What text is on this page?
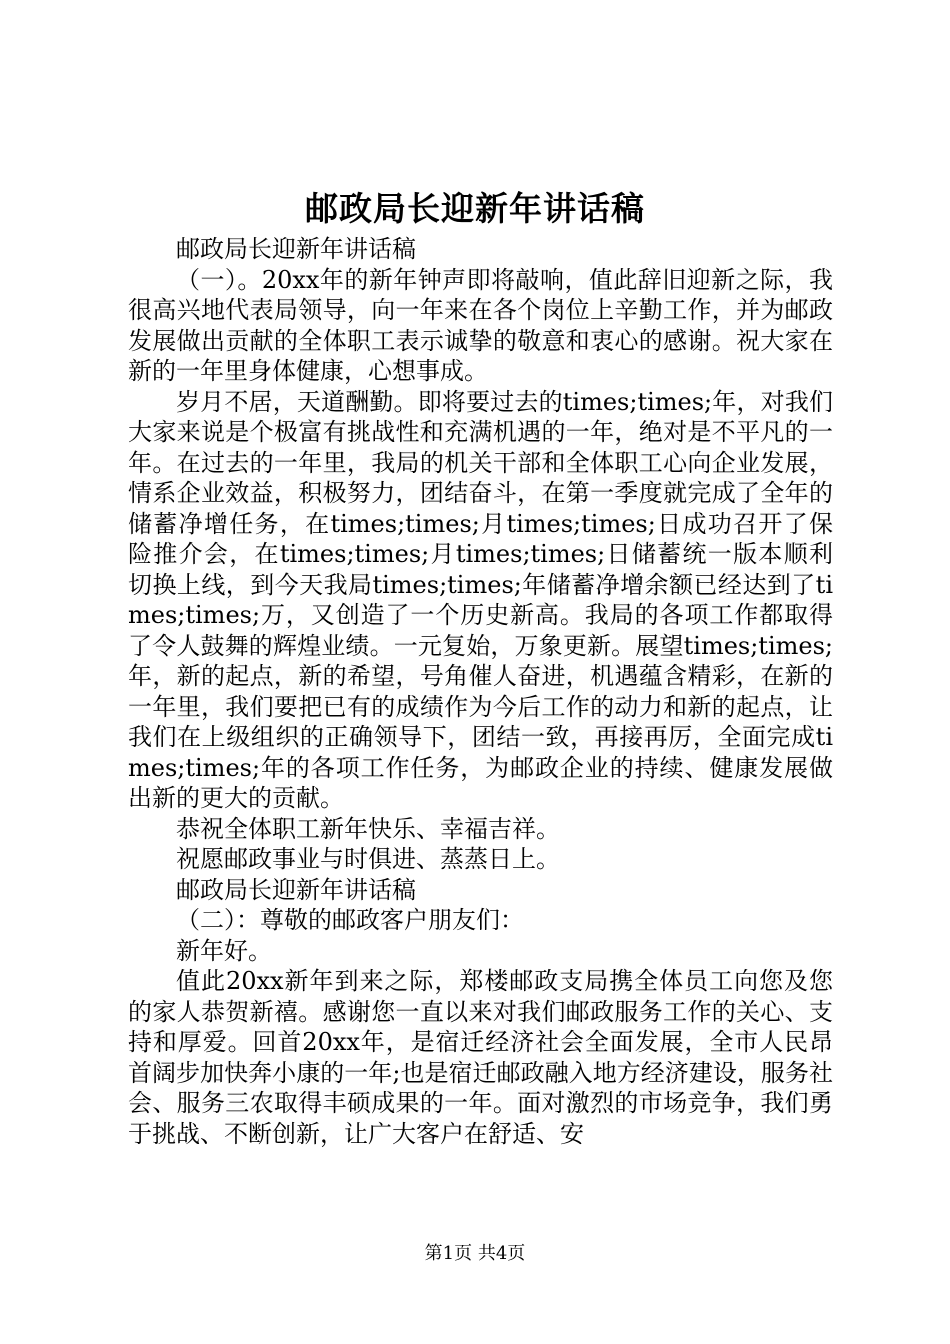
邮政局长迎新年讲话稿

邮政局长迎新年讲话稿

（一）。20xx年的新年钟声即将敲响，值此辞旧迎新之际，我很高兴地代表局领导，向一年来在各个岗位上辛勤工作，并为邮政发展做出贡献的全体职工表示诚挚的敬意和衷心的感谢。祝大家在新的一年里身体健康，心想事成。

岁月不居，天道酬勤。即将要过去的times;times;年，对我们大家来说是个极富有挑战性和充满机遇的一年，绝对是不平凡的一年。在过去的一年里，我局的机关干部和全体职工心向企业发展，情系企业效益，积极努力，团结奋斗，在第一季度就完成了全年的储蓄净增任务，在times;times;月times;times;日成功召开了保险推介会，在times;times;月times;times;日储蓄统一版本顺利切换上线，到今天我局times;times;年储蓄净增余额已经达到了times;times;万，又创造了一个历史新高。我局的各项工作都取得了令人鼓舞的辉煌业绩。一元复始，万象更新。展望times;times;年，新的起点，新的希望，号角催人奋进，机遇蕴含精彩，在新的一年里，我们要把已有的成绩作为今后工作的动力和新的起点，让我们在上级组织的正确领导下，团结一致，再接再厉，全面完成times;times;年的各项工作任务，为邮政企业的持续、健康发展做出新的更大的贡献。

恭祝全体职工新年快乐、幸福吉祥。

祝愿邮政事业与时俱进、蒸蒸日上。

邮政局长迎新年讲话稿

（二）：尊敬的邮政客户朋友们：

新年好。

值此20xx新年到来之际，郑楼邮政支局携全体员工向您及您的家人恭贺新禧。感谢您一直以来对我们邮政服务工作的关心、支持和厚爱。回首20xx年，是宿迁经济社会全面发展，全市人民昂首阔步加快奔小康的一年;也是宿迁邮政融入地方经济建设，服务社会、服务三农取得丰硕成果的一年。面对激烈的市场竞争，我们勇于挑战、不断创新，让广大客户在舒适、安

第1页 共4页
